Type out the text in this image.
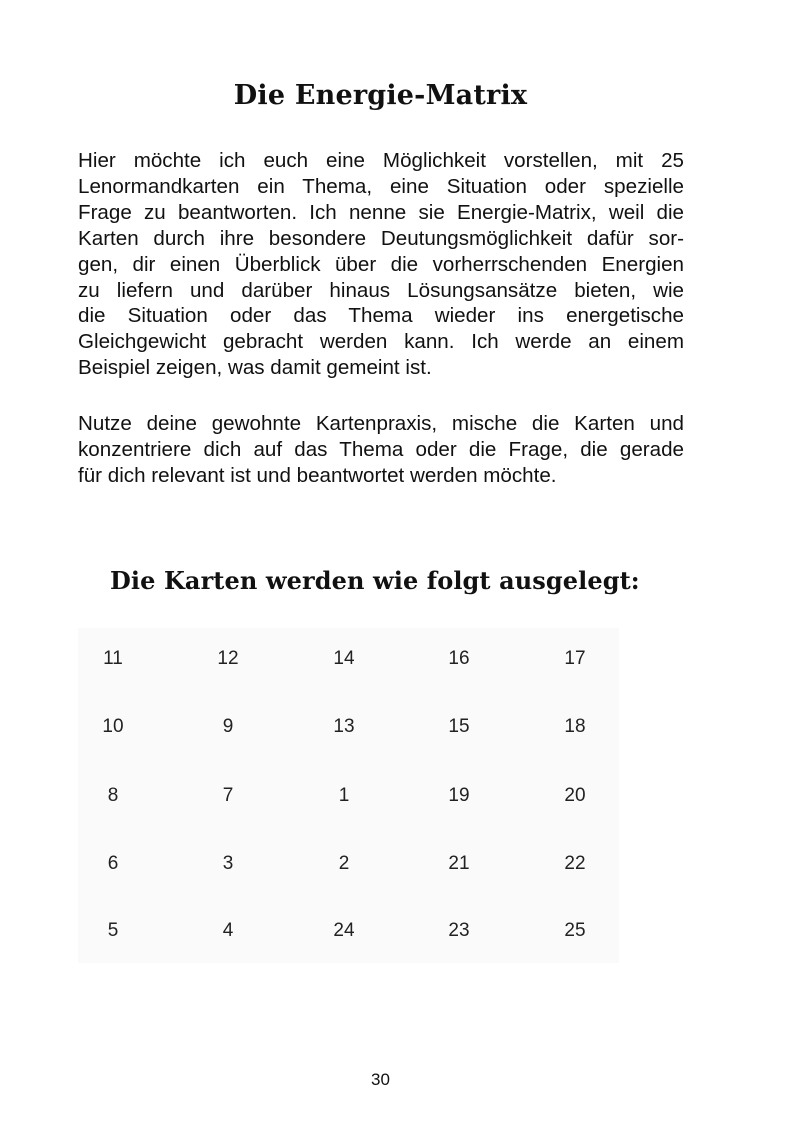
Die Energie-Matrix
Hier möchte ich euch eine Möglichkeit vorstellen, mit 25
Lenormandkarten ein Thema, eine Situation oder spezielle
Frage zu beantworten. Ich nenne sie Energie-Matrix, weil die
Karten durch ihre besondere Deutungsmöglichkeit dafür sor-
gen, dir einen Überblick über die vorherrschenden Energien
zu liefern und darüber hinaus Lösungsansätze bieten, wie
die Situation oder das Thema wieder ins energetische
Gleichgewicht gebracht werden kann. Ich werde an einem
Beispiel zeigen, was damit gemeint ist.
Nutze deine gewohnte Kartenpraxis, mische die Karten und
konzentriere dich auf das Thema oder die Frage, die gerade
für dich relevant ist und beantwortet werden möchte.
Die Karten werden wie folgt ausgelegt:
11	12	14	16	17
10	9	13	15	18
8	7	1	19	20
6	3	2	21	22
5	4	24	23	25
30
